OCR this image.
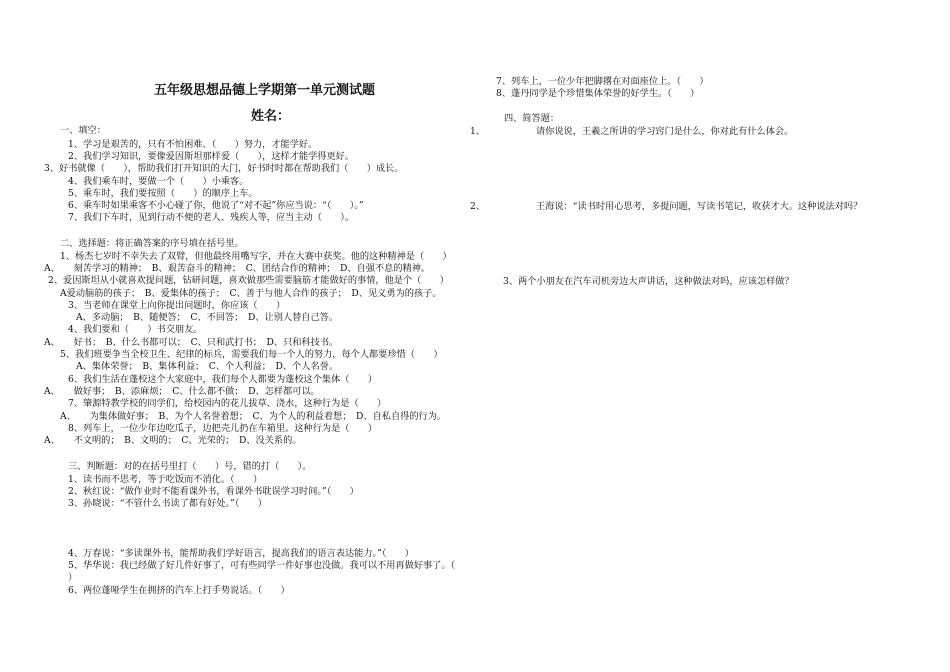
五年级思想品德上学期第一单元测试题
姓名：
一、填空：
1、学习是艰苦的，只有不怕困难、（　　）努力，才能学好。
2、我们学习知识，要像爱因斯坦那样爱（　　），这样才能学得更好。
3、好书就像（　　），帮助我们打开知识的大门，好书时时都在帮助我们（　　）成长。
4、我们乘车时，要做一个（　　）小乘客。
5、乘车时，我们要按照（　　）的顺序上车。
6、乘车时如果乘客不小心碰了你，他说了“对不起”你应当说：“（　　）。”
7、我们下车时，见到行动不便的老人、残疾人等，应当主动（　　）。
二、选择题：将正确答案的序号填在括号里。
1、杨杰七岁时不幸失去了双臂，但他最终用嘴写字，并在大赛中获奖。他的这种精神是（　　）
A、　　刻苦学习的精神；　B、艰苦奋斗的精神；　C、团结合作的精神；　D、自强不息的精神。
2、爱因斯坦从小就喜欢提问题，钻研问题，喜欢做那些需要脑筋才能做好的事情，他是个（　　）
A爱动脑筋的孩子；　B、爱集体的孩子；　C、善于与他人合作的孩子；　D、见义勇为的孩子。
3、当老师在课堂上向你提出问题时，你应该（　　）
A、多动脑；　B、随便答；　C、不回答；　D、让别人替自己答。
4、我们要和（　　）书交朋友。
A、　　好书；　B、什么书都可以；　C、只和武打书；　D、只和科技书。
5、我们班要争当全校卫生、纪律的标兵，需要我们每一个人的努力，每个人都要珍惜（　　）
A、集体荣誉；　B、集体利益；　C、个人利益；　D、个人名誉。
6、我们生活在蓬校这个大家庭中，我们每个人都要为蓬校这个集体（　　）
A、　　做好事；　B、添麻烦；　C、什么都不做；　D、怎样都可以。
7、肇源特教学校的同学们，给校园内的花儿拔草、浇水，这种行为是（　　）
A、　　为集体做好事；　B、为个人名誉着想；　C、为个人的利益着想；　D、自私自得的行为。
8、列车上，一位少年边吃瓜子，边把壳儿扔在车箱里。这种行为是（　　）
A、　　不文明的；　B、文明的；　C、光荣的；　D、没关系的。
三、判断题：对的在括号里打（　　）号，错的打（　　）。
1、读书而不思考，等于吃饭而不消化。（　　）
2、秋红说：“做作业时不能看课外书，看课外书耽误学习时间。”（　　）
3、孙晓说：“不管什么书读了都有好处。”（　　）
4、万春说：“多读课外书，能帮助我们学好语言，提高我们的语言表达能力。”（　　）
5、华华说：我已经做了好几件好事了，可有些同学一件好事也没做。我可以不用再做好事了。（
）
6、两位蓬哑学生在拥挤的汽车上打手势说话。（　　）
7、列车上，一位少年把脚撂在对面座位上。（　　）
8、蓬丹同学是个珍惜集体荣誉的好学生。（　　）
四、简答题：
1、	请你说说，王羲之所讲的学习窍门是什么，你对此有什么体会。
2、	王海说：“读书时用心思考，多提问题，写读书笔记，收获才大。这种说法对吗？
3、两个小朋友在汽车司机旁边大声讲话，这种做法对吗，应该怎样做？
